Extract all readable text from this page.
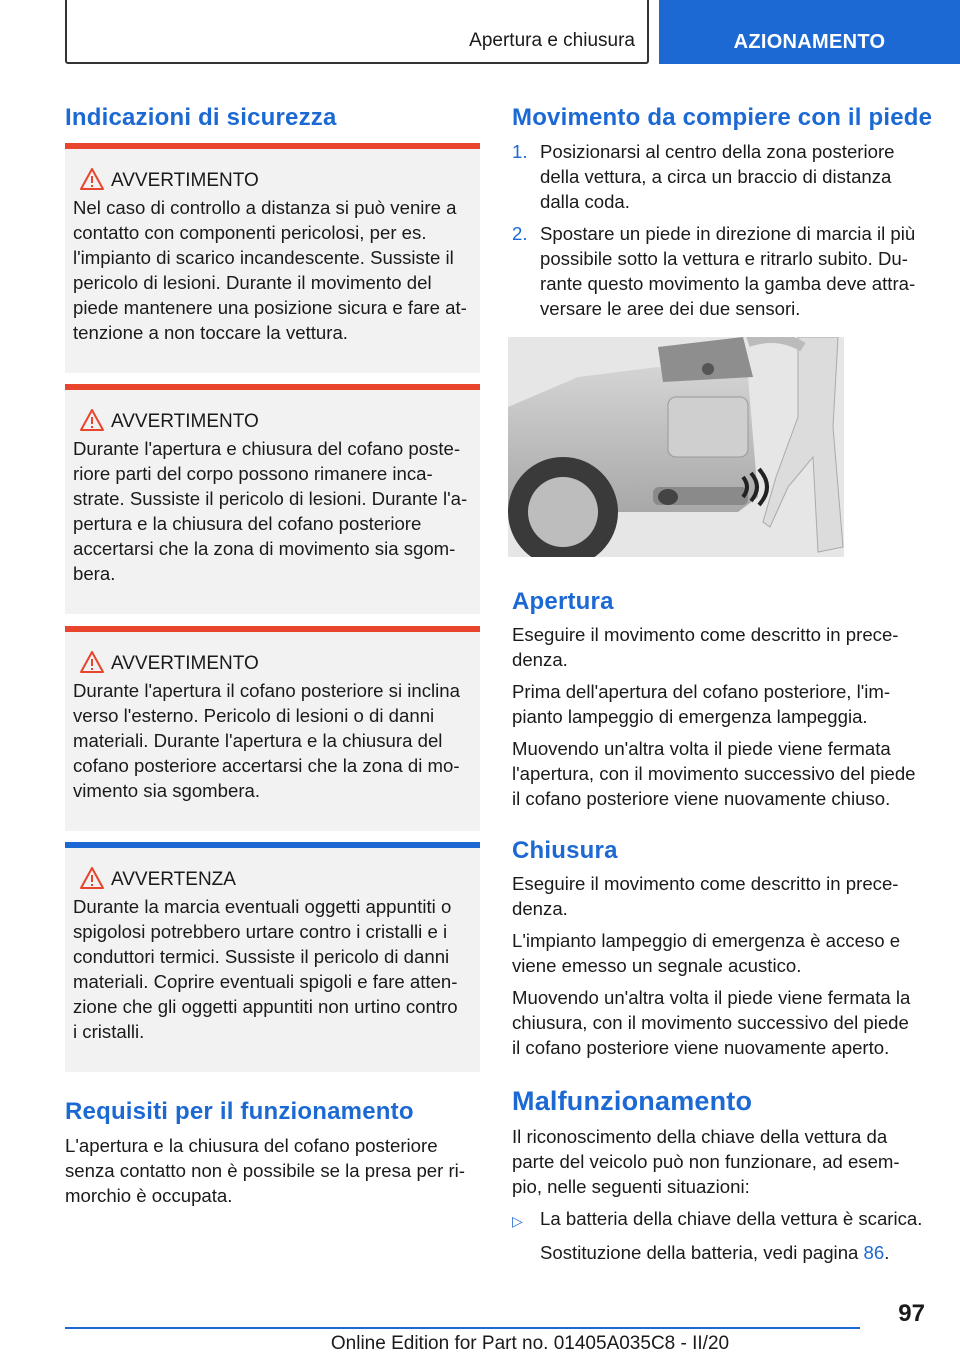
Apertura e chiusura	AZIONAMENTO
Indicazioni di sicurezza
AVVERTIMENTO
Nel caso di controllo a distanza si può venire a
contatto con componenti pericolosi, per es.
l'impianto di scarico incandescente. Sussiste il
pericolo di lesioni. Durante il movimento del
piede mantenere una posizione sicura e fare at‐
tenzione a non toccare la vettura.
AVVERTIMENTO
Durante l'apertura e chiusura del cofano poste‐
riore parti del corpo possono rimanere inca‐
strate. Sussiste il pericolo di lesioni. Durante l'a‐
pertura e la chiusura del cofano posteriore
accertarsi che la zona di movimento sia sgom‐
bera.
AVVERTIMENTO
Durante l'apertura il cofano posteriore si inclina
verso l'esterno. Pericolo di lesioni o di danni
materiali. Durante l'apertura e la chiusura del
cofano posteriore accertarsi che la zona di mo‐
vimento sia sgombera.
AVVERTENZA
Durante la marcia eventuali oggetti appuntiti o
spigolosi potrebbero urtare contro i cristalli e i
conduttori termici. Sussiste il pericolo di danni
materiali. Coprire eventuali spigoli e fare atten‐
zione che gli oggetti appuntiti non urtino contro
i cristalli.
Requisiti per il funzionamento
L'apertura e la chiusura del cofano posteriore
senza contatto non è possibile se la presa per ri‐
morchio è occupata.
Movimento da compiere con il piede
1. Posizionarsi al centro della zona posteriore
della vettura, a circa un braccio di distanza
dalla coda.
2. Spostare un piede in direzione di marcia il più
possibile sotto la vettura e ritrarlo subito. Du‐
rante questo movimento la gamba deve attra‐
versare le aree dei due sensori.
Apertura

Eseguire il movimento come descritto in prece‐
denza.

Prima dell'apertura del cofano posteriore, l'im‐
pianto lampeggio di emergenza lampeggia.

Muovendo un'altra volta il piede viene fermata
l'apertura, con il movimento successivo del piede
il cofano posteriore viene nuovamente chiuso.

Chiusura

Eseguire il movimento come descritto in prece‐
denza.

L'impianto lampeggio di emergenza è acceso e
viene emesso un segnale acustico.

Muovendo un'altra volta il piede viene fermata la
chiusura, con il movimento successivo del piede
il cofano posteriore viene nuovamente aperto.

Malfunzionamento

Il riconoscimento della chiave della vettura da
parte del veicolo può non funzionare, ad esem‐
pio, nelle seguenti situazioni:

▷ La batteria della chiave della vettura è scarica.
Sostituzione della batteria, vedi pagina 86.
97
Online Edition for Part no. 01405A035C8 - II/20
